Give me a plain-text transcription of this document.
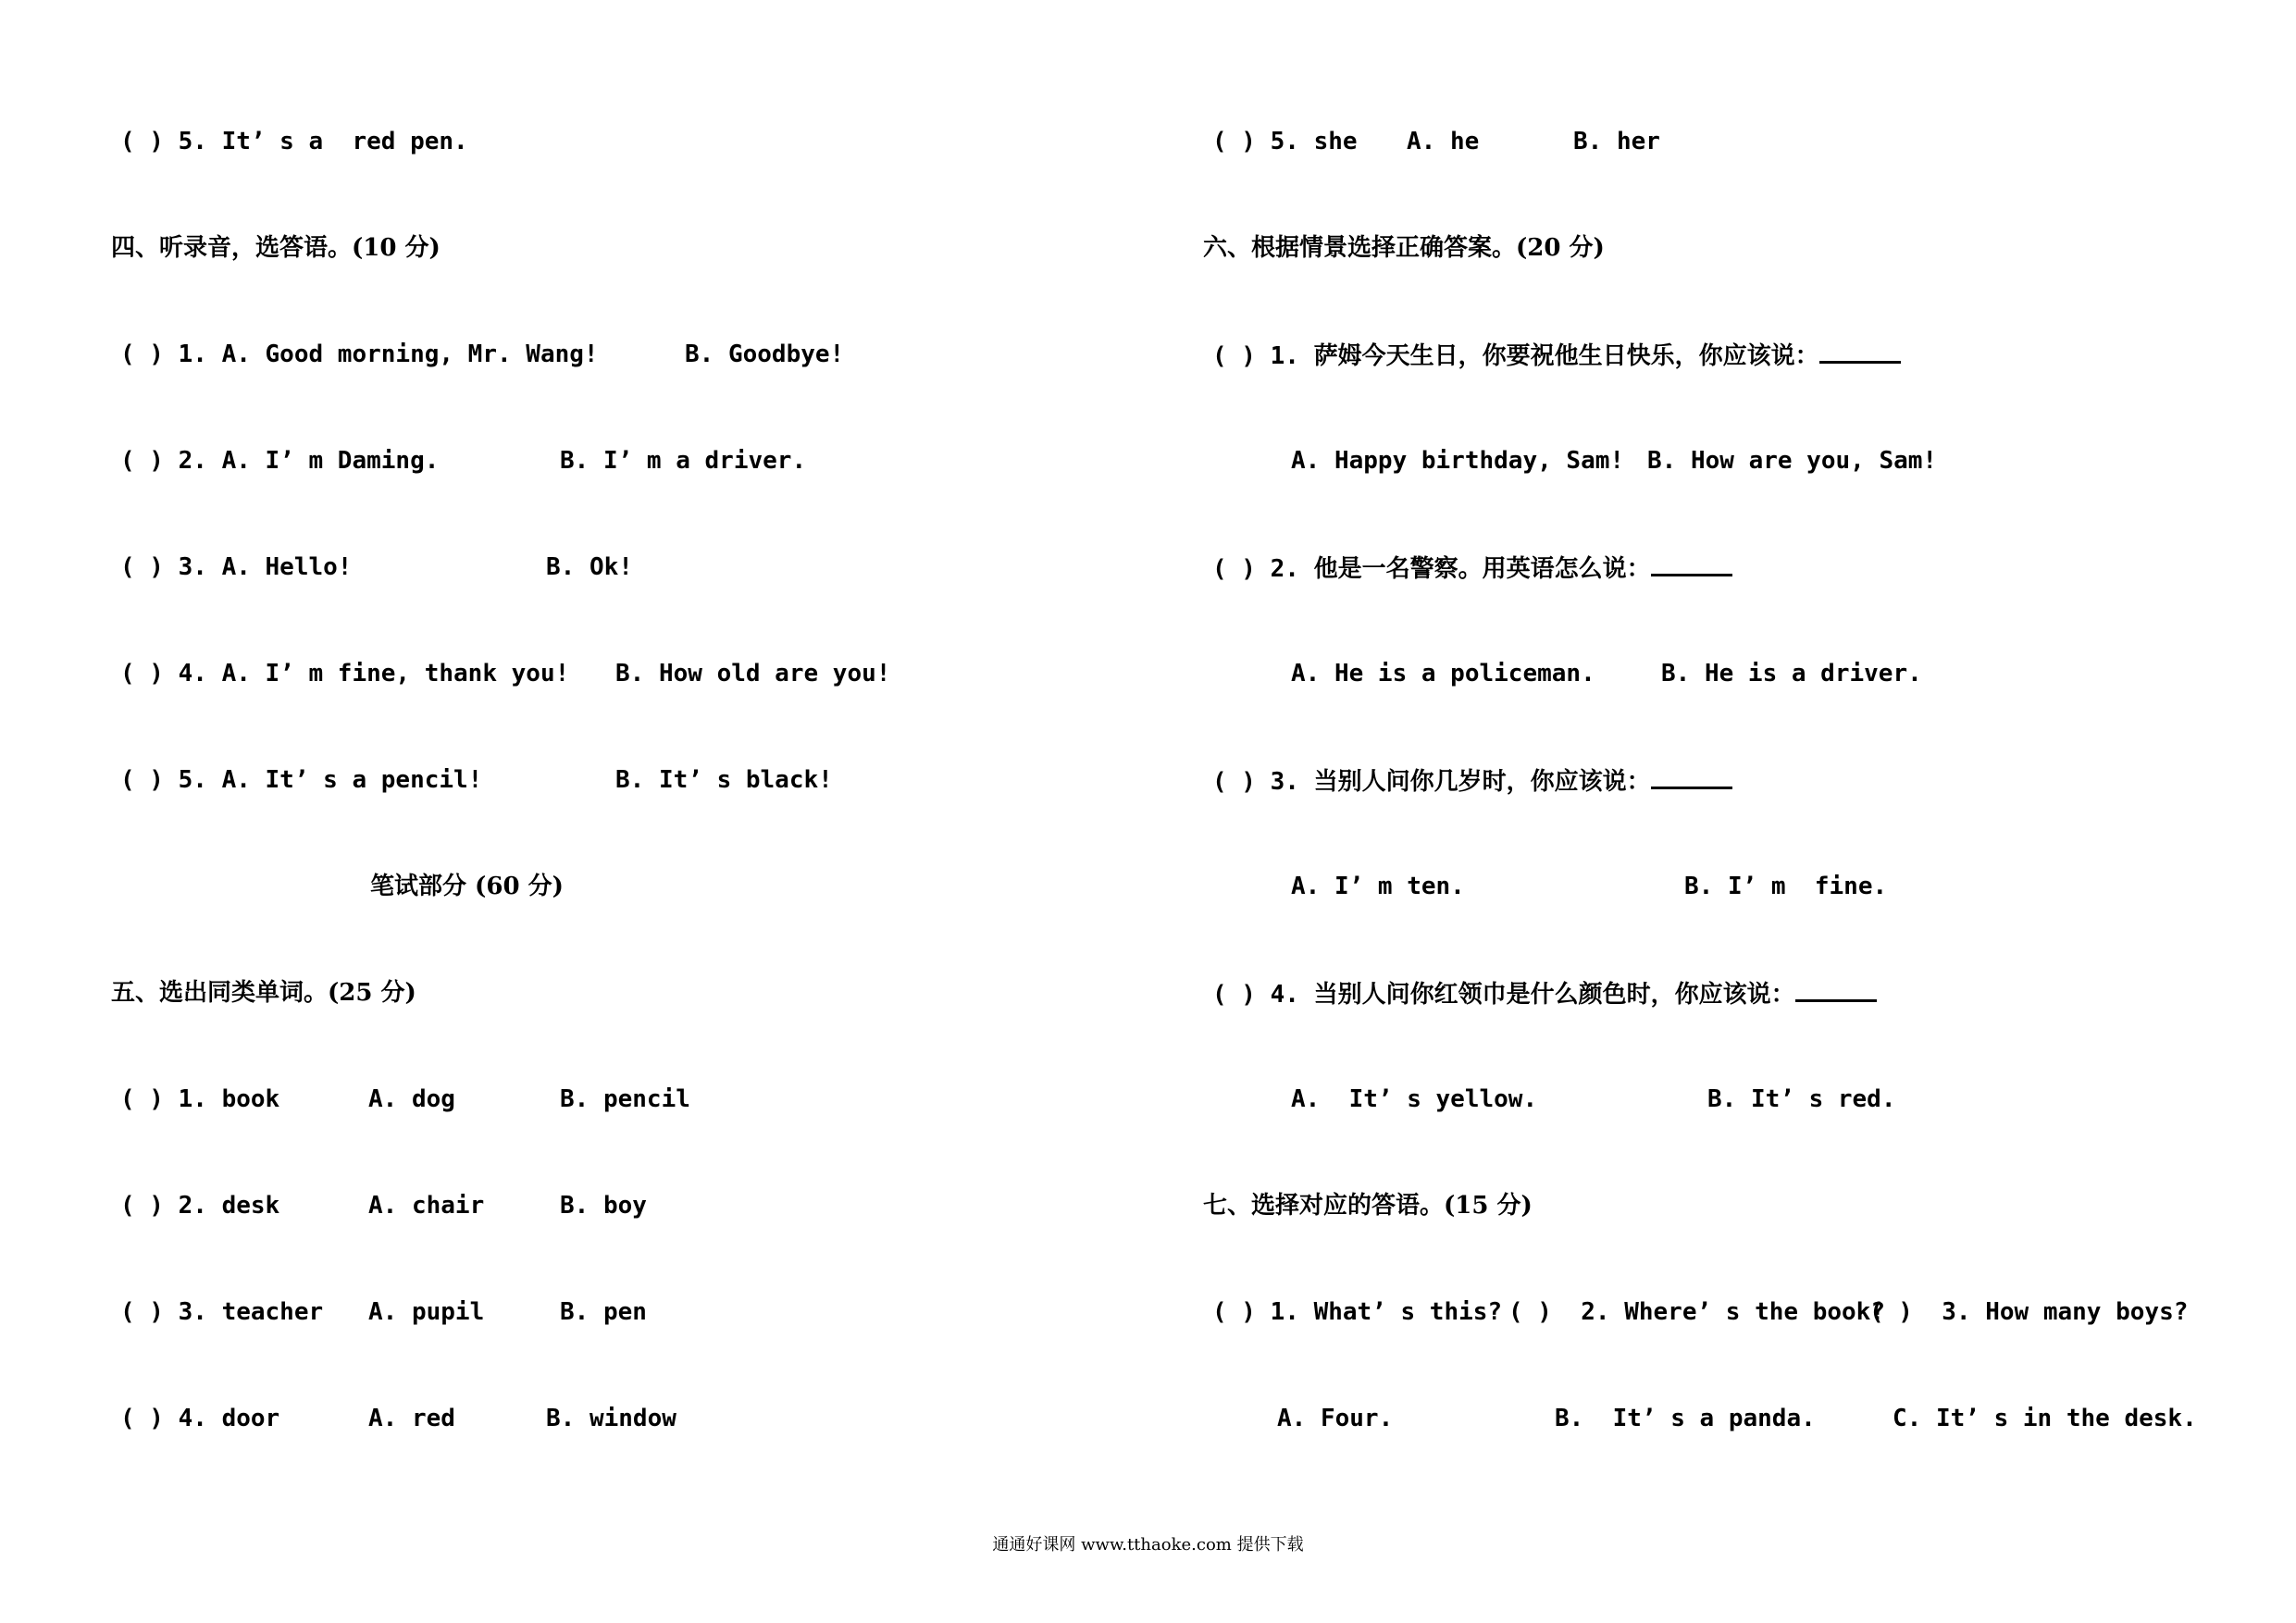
( ) 5. It’ s a  red pen.

四、听录音，选答语。(10 分)

( ) 1. A. Good morning, Mr. Wang!

	B. Goodbye!

( ) 2. A. I’ m Daming.

	B. I’ m a driver.

( ) 3. A. Hello!

	B. Ok!

( ) 4. A. I’ m fine, thank you!

B. How old are you!

( ) 5. A. It’ s a pencil!

	B. It’ s black!

笔试部分 (60 分)

五、选出同类单词。(25 分)

( ) 1. book

	A. dog

	B. pencil

( ) 2. desk

	A. chair

	B. boy

( ) 3. teacher

A. pupil

	B. pen

( ) 4. door

	A. red

	B. window

( ) 5. she

A. he

	B. her

六、根据情景选择正确答案。(20 分)

( ) 1. 萨姆今天生日，你要祝他生日快乐，你应该说：

A. Happy birthday, Sam!

B. How are you, Sam!

( ) 2. 他是一名警察。用英语怎么说：

A. He is a policeman.

	B. He is a driver.

( ) 3. 当别人问你几岁时，你应该说：

A. I’ m ten.

	B. I’ m  fine.

( ) 4. 当别人问你红领巾是什么颜色时，你应该说：

A.  It’ s yellow.

	B. It’ s red.

七、选择对应的答语。(15 分)

( ) 1. What’ s this?

( )  2. Where’ s the book?

( )  3. How many boys?

A. Four.

	B.  It’ s a panda.

	C. It’ s in the desk.

通通好课网 www.tthaoke.com 提供下载
